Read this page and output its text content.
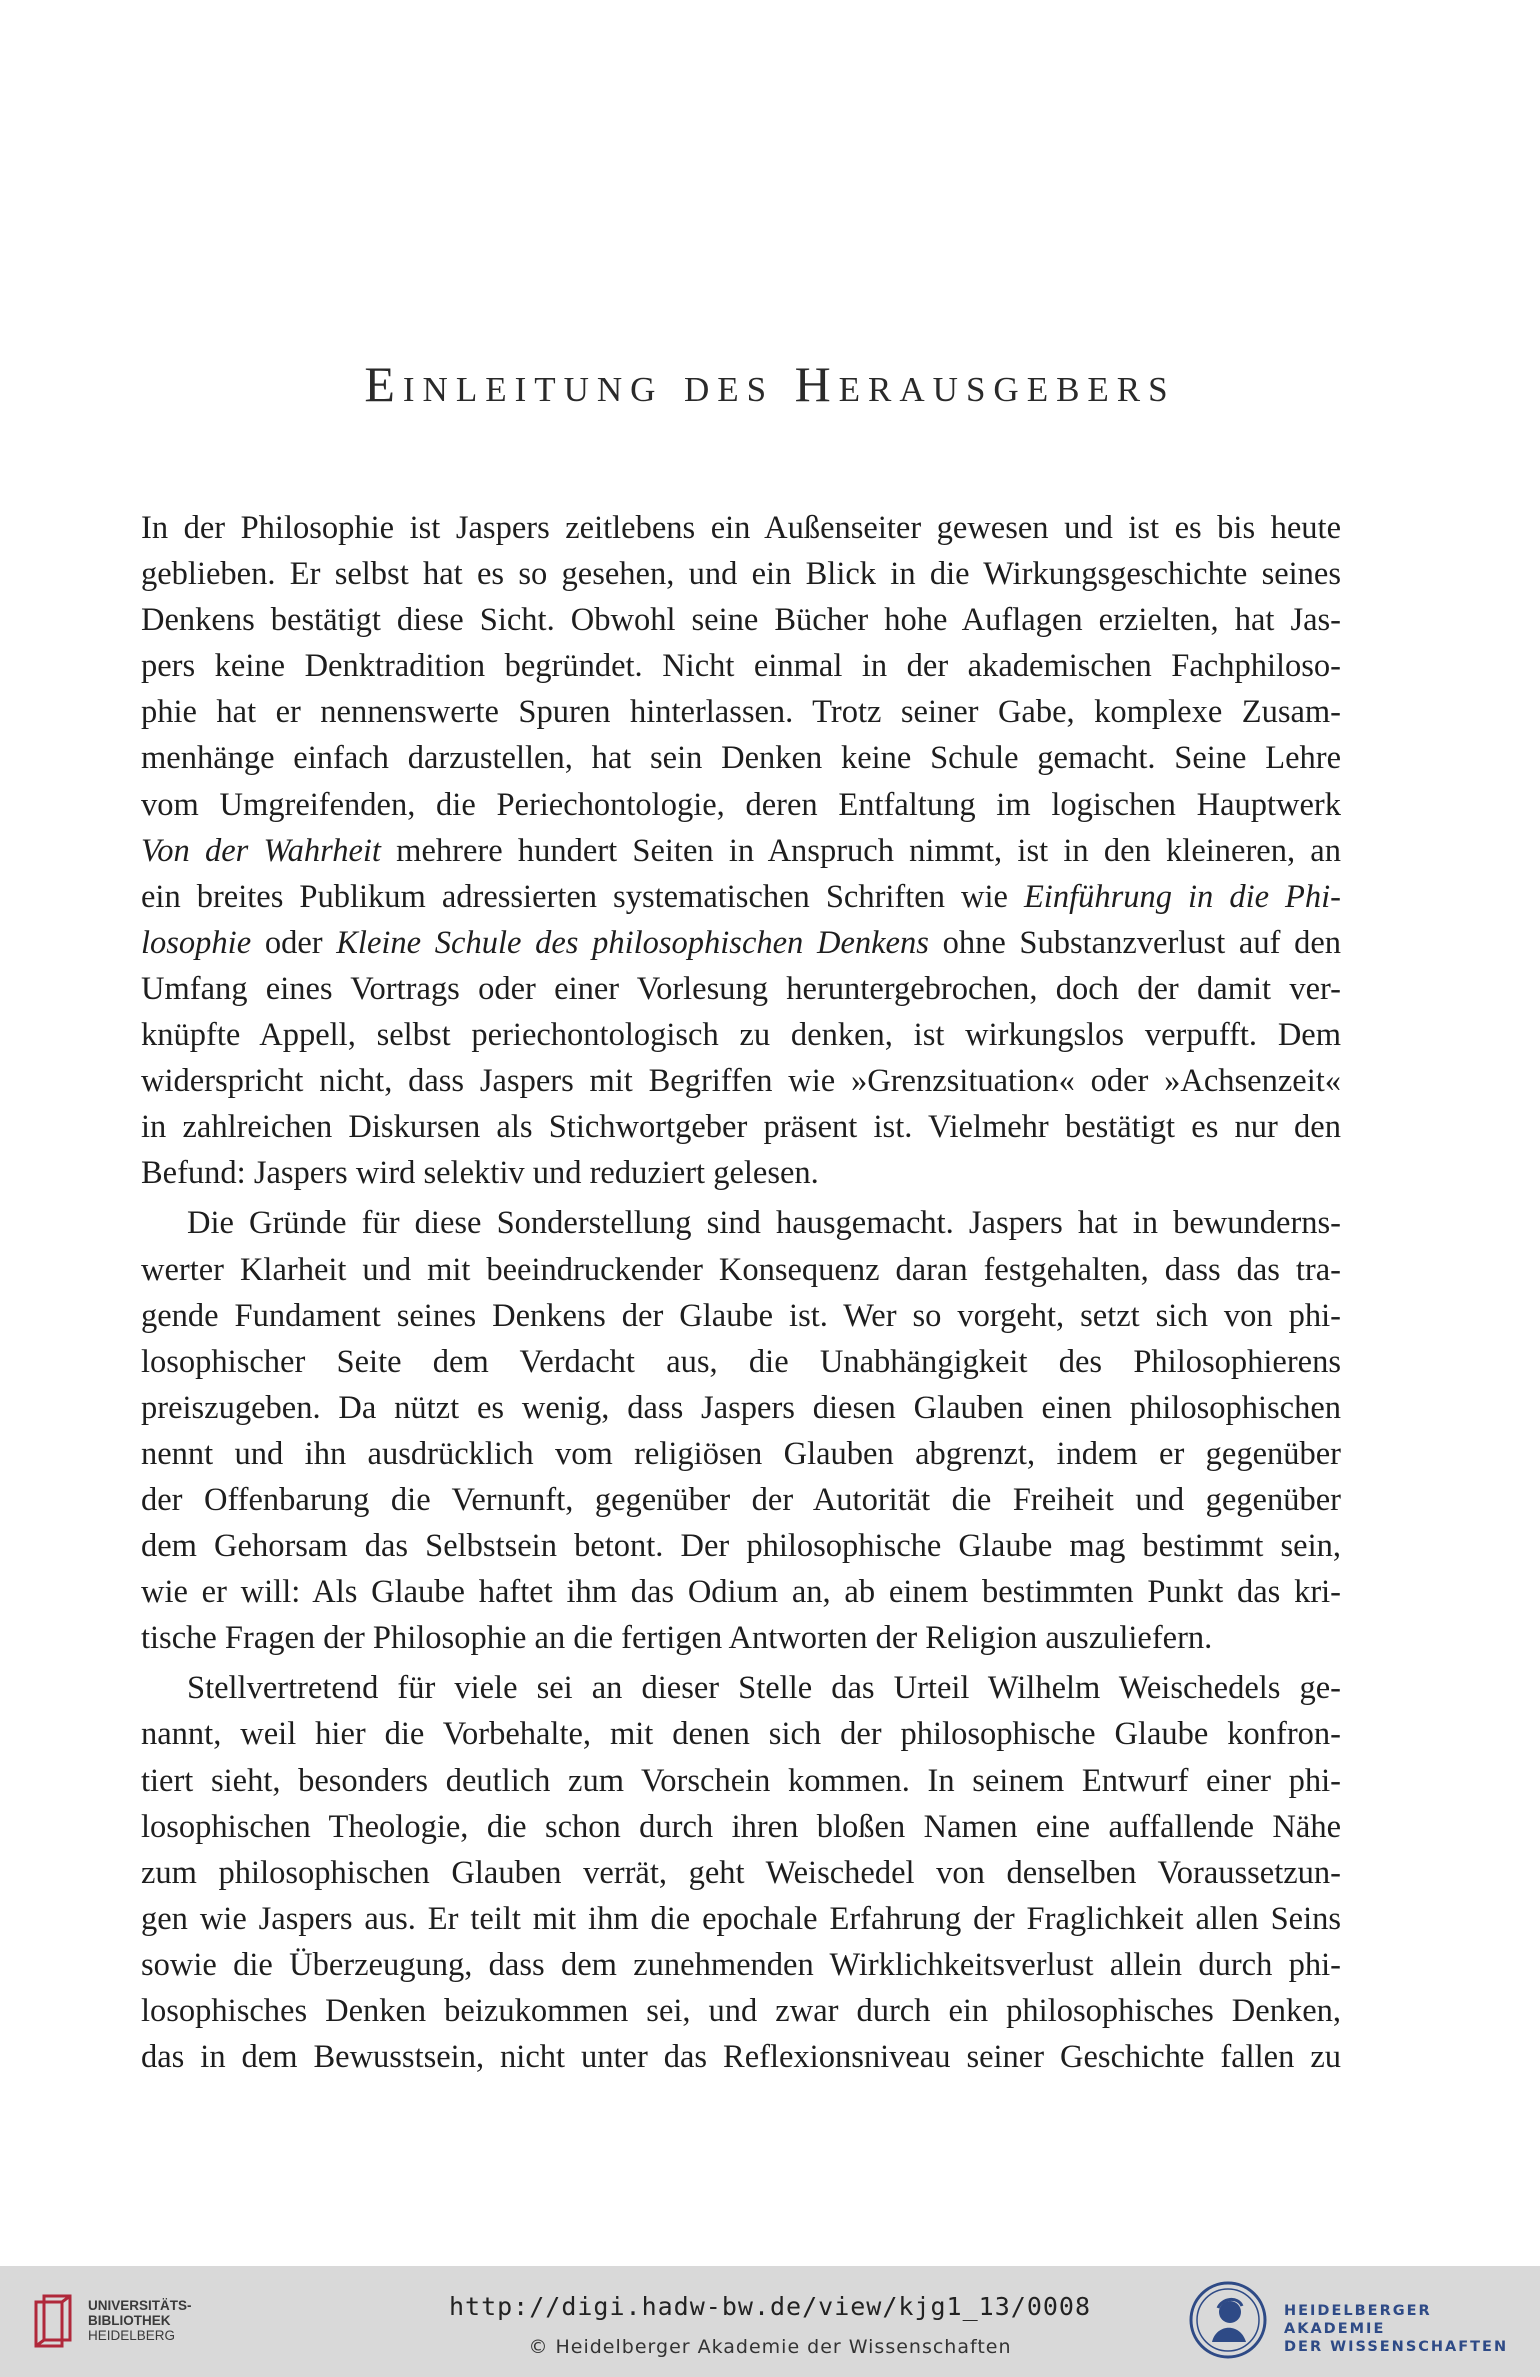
Einleitung des Herausgebers
In der Philosophie ist Jaspers zeitlebens ein Außenseiter gewesen und ist es bis heute
geblieben. Er selbst hat es so gesehen, und ein Blick in die Wirkungsgeschichte seines
Denkens bestätigt diese Sicht. Obwohl seine Bücher hohe Auflagen erzielten, hat Jas-
pers keine Denktradition begründet. Nicht einmal in der akademischen Fachphiloso-
phie hat er nennenswerte Spuren hinterlassen. Trotz seiner Gabe, komplexe Zusam-
menhänge einfach darzustellen, hat sein Denken keine Schule gemacht. Seine Lehre
vom Umgreifenden, die Periechontologie, deren Entfaltung im logischen Hauptwerk
Von der Wahrheit mehrere hundert Seiten in Anspruch nimmt, ist in den kleineren, an
ein breites Publikum adressierten systematischen Schriften wie Einführung in die Phi-
losophie oder Kleine Schule des philosophischen Denkens ohne Substanzverlust auf den
Umfang eines Vortrags oder einer Vorlesung heruntergebrochen, doch der damit ver-
knüpfte Appell, selbst periechontologisch zu denken, ist wirkungslos verpufft. Dem
widerspricht nicht, dass Jaspers mit Begriffen wie »Grenzsituation« oder »Achsenzeit«
in zahlreichen Diskursen als Stichwortgeber präsent ist. Vielmehr bestätigt es nur den
Befund: Jaspers wird selektiv und reduziert gelesen.
Die Gründe für diese Sonderstellung sind hausgemacht. Jaspers hat in bewunderns-
werter Klarheit und mit beeindruckender Konsequenz daran festgehalten, dass das tra-
gende Fundament seines Denkens der Glaube ist. Wer so vorgeht, setzt sich von phi-
losophischer Seite dem Verdacht aus, die Unabhängigkeit des Philosophierens
preiszugeben. Da nützt es wenig, dass Jaspers diesen Glauben einen philosophischen
nennt und ihn ausdrücklich vom religiösen Glauben abgrenzt, indem er gegenüber
der Offenbarung die Vernunft, gegenüber der Autorität die Freiheit und gegenüber
dem Gehorsam das Selbstsein betont. Der philosophische Glaube mag bestimmt sein,
wie er will: Als Glaube haftet ihm das Odium an, ab einem bestimmten Punkt das kri-
tische Fragen der Philosophie an die fertigen Antworten der Religion auszuliefern.
Stellvertretend für viele sei an dieser Stelle das Urteil Wilhelm Weischedels ge-
nannt, weil hier die Vorbehalte, mit denen sich der philosophische Glaube konfron-
tiert sieht, besonders deutlich zum Vorschein kommen. In seinem Entwurf einer phi-
losophischen Theologie, die schon durch ihren bloßen Namen eine auffallende Nähe
zum philosophischen Glauben verrät, geht Weischedel von denselben Voraussetzun-
gen wie Jaspers aus. Er teilt mit ihm die epochale Erfahrung der Fraglichkeit allen Seins
sowie die Überzeugung, dass dem zunehmenden Wirklichkeitsverlust allein durch phi-
losophisches Denken beizukommen sei, und zwar durch ein philosophisches Denken,
das in dem Bewusstsein, nicht unter das Reflexionsniveau seiner Geschichte fallen zu
UNIVERSITÄTS-
BIBLIOTHEK
HEIDELBERG
http://digi.hadw-bw.de/view/kjg1_13/0008
© Heidelberger Akademie der Wissenschaften
HEIDELBERGER AKADEMIE
DER WISSENSCHAFTEN
